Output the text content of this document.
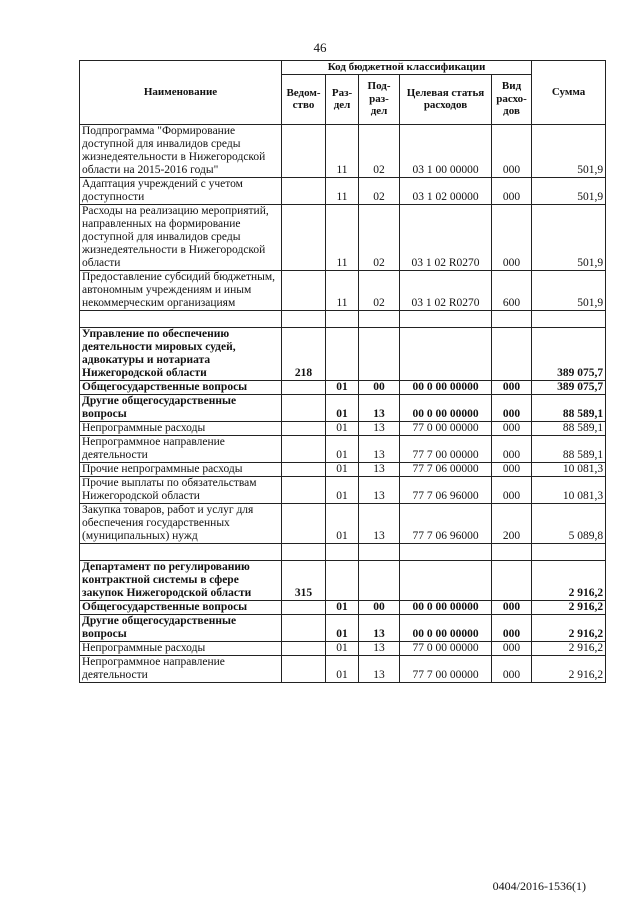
46
Наименование	Код бюджетной классификации					Сумма
	Ведом-ство	Раз-дел	Под-раз-дел	Целевая статья расходов	Вид расхо-дов	
Подпрограмма "Формирование доступной для инвалидов среды жизнедеятельности в Нижегородской области на 2015-2016 годы"		11	02	03 1 00 00000	000	501,9
Адаптация учреждений с учетом доступности		11	02	03 1 02 00000	000	501,9
Расходы на реализацию мероприятий, направленных на формирование доступной для инвалидов среды жизнедеятельности в Нижегородской области		11	02	03 1 02 R0270	000	501,9
Предоставление субсидий бюджетным, автономным учреждениям и иным некоммерческим организациям		11	02	03 1 02 R0270	600	501,9

Управление по обеспечению деятельности мировых судей, адвокатуры и нотариата Нижегородской области	218					389 075,7
Общегосударственные вопросы		01	00	00 0 00 00000	000	389 075,7
Другие общегосударственные вопросы		01	13	00 0 00 00000	000	88 589,1
Непрограммные расходы		01	13	77 0 00 00000	000	88 589,1
Непрограммное направление деятельности		01	13	77 7 00 00000	000	88 589,1
Прочие непрограммные расходы		01	13	77 7 06 00000	000	10 081,3
Прочие выплаты по обязательствам Нижегородской области		01	13	77 7 06 96000	000	10 081,3
Закупка товаров, работ и услуг для обеспечения государственных (муниципальных) нужд		01	13	77 7 06 96000	200	5 089,8

Департамент по регулированию контрактной системы в сфере закупок Нижегородской области	315					2 916,2
Общегосударственные вопросы		01	00	00 0 00 00000	000	2 916,2
Другие общегосударственные вопросы		01	13	00 0 00 00000	000	2 916,2
Непрограммные расходы		01	13	77 0 00 00000	000	2 916,2
Непрограммное направление деятельности		01	13	77 7 00 00000	000	2 916,2
0404/2016-1536(1)
